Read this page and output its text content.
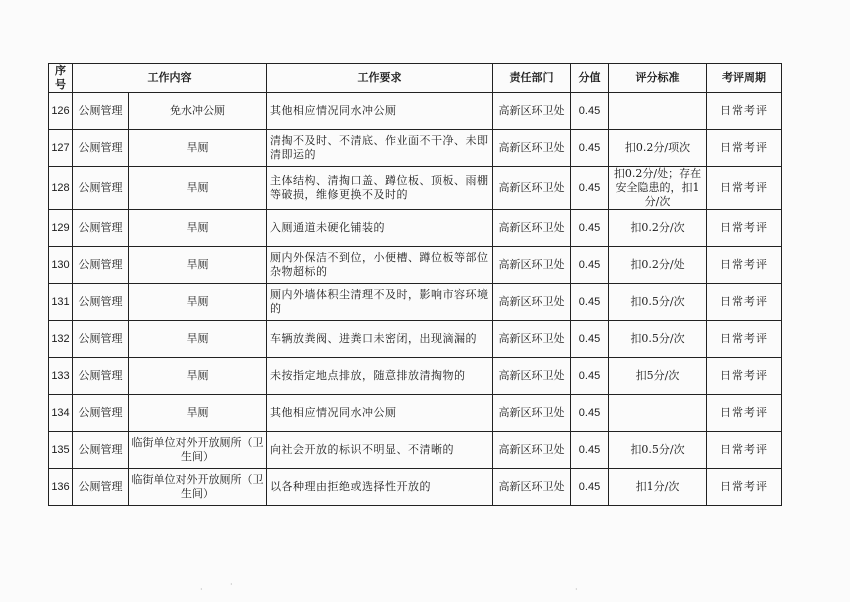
序号	工作内容		工作要求	责任部门	分值	评分标准	考评周期
126	公厕管理	免水冲公厕	其他相应情况同水冲公厕	高新区环卫处	0.45		日常考评
127	公厕管理	旱厕	清掏不及时、不清底、作业面不干净、未即清即运的	高新区环卫处	0.45	扣0.2分/项次	日常考评
128	公厕管理	旱厕	主体结构、清掏口盖、蹲位板、顶板、雨棚等破损，维修更换不及时的	高新区环卫处	0.45	扣0.2分/处；存在安全隐患的，扣1分/次	日常考评
129	公厕管理	旱厕	入厕通道未硬化铺装的	高新区环卫处	0.45	扣0.2分/次	日常考评
130	公厕管理	旱厕	厕内外保洁不到位，小便槽、蹲位板等部位杂物超标的	高新区环卫处	0.45	扣0.2分/处	日常考评
131	公厕管理	旱厕	厕内外墙体积尘清理不及时，影响市容环境的	高新区环卫处	0.45	扣0.5分/次	日常考评
132	公厕管理	旱厕	车辆放粪阀、进粪口未密闭，出现滴漏的	高新区环卫处	0.45	扣0.5分/次	日常考评
133	公厕管理	旱厕	未按指定地点排放，随意排放清掏物的	高新区环卫处	0.45	扣5分/次	日常考评
134	公厕管理	旱厕	其他相应情况同水冲公厕	高新区环卫处	0.45		日常考评
135	公厕管理	临街单位对外开放厕所（卫生间）	向社会开放的标识不明显、不清晰的	高新区环卫处	0.45	扣0.5分/次	日常考评
136	公厕管理	临街单位对外开放厕所（卫生间）	以各种理由拒绝或选择性开放的	高新区环卫处	0.45	扣1分/次	日常考评
·
·
·
